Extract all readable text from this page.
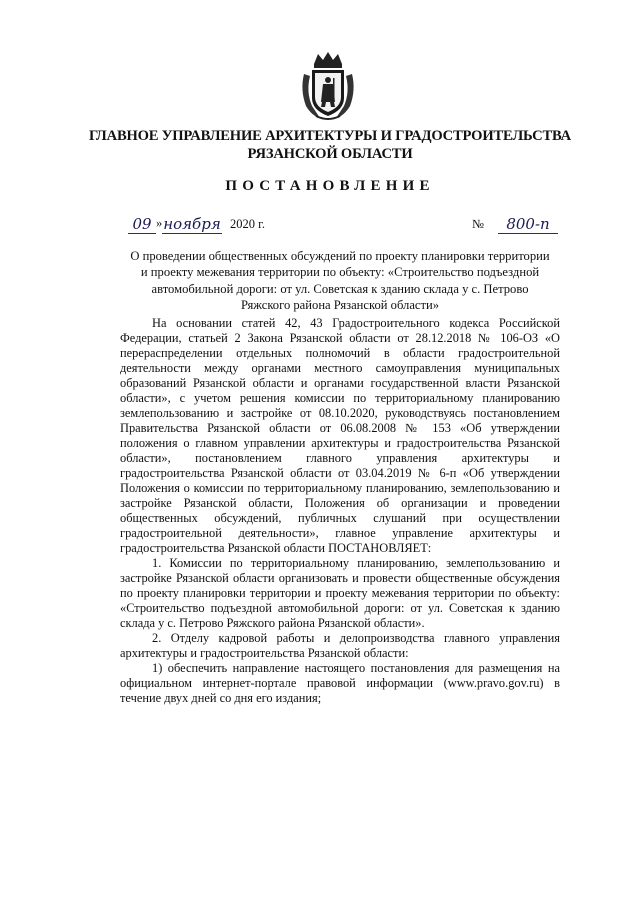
ГЛАВНОЕ УПРАВЛЕНИЕ АРХИТЕКТУРЫ И ГРАДОСТРОИТЕЛЬСТВА
РЯЗАНСКОЙ ОБЛАСТИ
ПОСТАНОВЛЕНИЕ
09 » ноября 2020 г.	№	800-п
О проведении общественных обсуждений по проекту планировки территории
и проекту межевания территории по объекту: «Строительство подъездной
автомобильной дороги: от ул. Советская к зданию склада у с. Петрово
Ряжского района Рязанской области»

На основании статей 42, 43 Градостроительного кодекса Российской Федерации, статьей 2 Закона Рязанской области от 28.12.2018 № 106-ОЗ «О перераспределении отдельных полномочий в области градостроительной деятельности между органами местного самоуправления муниципальных образований Рязанской области и органами государственной власти Рязанской области», с учетом решения комиссии по территориальному планированию землепользованию и застройке от 08.10.2020, руководствуясь постановлением Правительства Рязанской области от 06.08.2008 № 153 «Об утверждении положения о главном управлении архитектуры и градостроительства Рязанской области», постановлением главного управления архитектуры и градостроительства Рязанской области от 03.04.2019 № 6-п «Об утверждении Положения о комиссии по территориальному планированию, землепользованию и застройке Рязанской области, Положения об организации и проведении общественных обсуждений, публичных слушаний при осуществлении градостроительной деятельности», главное управление архитектуры и градостроительства Рязанской области ПОСТАНОВЛЯЕТ:

1. Комиссии по территориальному планированию, землепользованию и застройке Рязанской области организовать и провести общественные обсуждения по проекту планировки территории и проекту межевания территории по объекту: «Строительство подъездной автомобильной дороги: от ул. Советская к зданию склада у с. Петрово Ряжского района Рязанской области».

2. Отделу кадровой работы и делопроизводства главного управления архитектуры и градостроительства Рязанской области:

1) обеспечить направление настоящего постановления для размещения на официальном интернет-портале правовой информации (www.pravo.gov.ru) в течение двух дней со дня его издания;
